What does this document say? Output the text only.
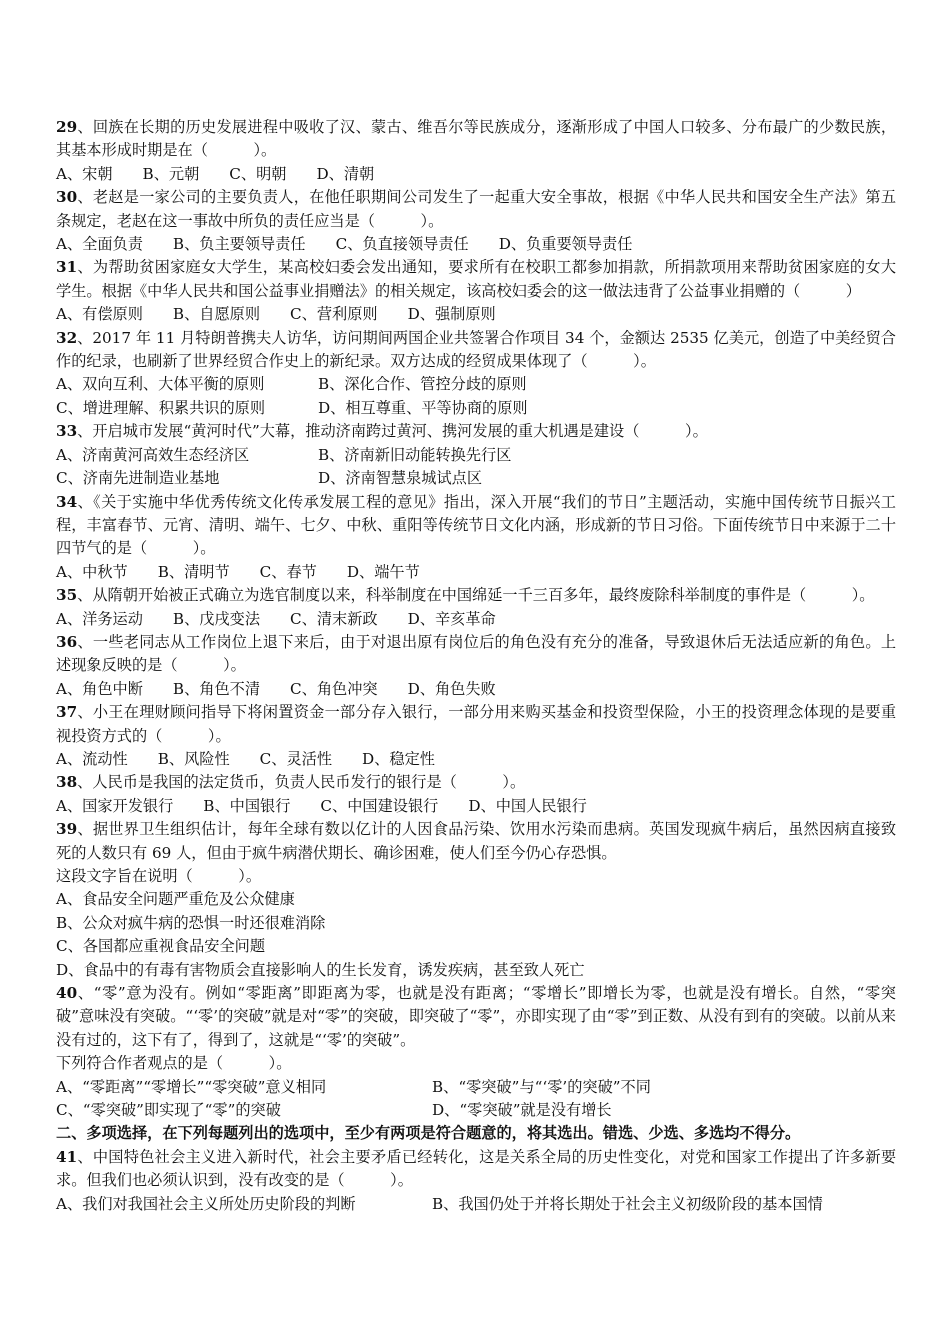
29、回族在长期的历史发展进程中吸收了汉、蒙古、维吾尔等民族成分，逐渐形成了中国人口较多、分布最广的少数民族，其基本形成时期是在（　　　）。

A、宋朝 B、元朝 C、明朝 D、清朝

30、老赵是一家公司的主要负责人，在他任职期间公司发生了一起重大安全事故，根据《中华人民共和国安全生产法》第五条规定，老赵在这一事故中所负的责任应当是（　　　）。

A、全面负责 B、负主要领导责任 C、负直接领导责任 D、负重要领导责任

31、为帮助贫困家庭女大学生，某高校妇委会发出通知，要求所有在校职工都参加捐款，所捐款项用来帮助贫困家庭的女大学生。根据《中华人民共和国公益事业捐赠法》的相关规定，该高校妇委会的这一做法违背了公益事业捐赠的（　　　）

A、有偿原则 B、自愿原则 C、营利原则 D、强制原则

32、2017 年 11 月特朗普携夫人访华，访问期间两国企业共签署合作项目 34 个，金额达 2535 亿美元，创造了中美经贸合作的纪录，也刷新了世界经贸合作史上的新纪录。双方达成的经贸成果体现了（　　　）。

A、双向互利、大体平衡的原则	B、深化合作、管控分歧的原则
C、增进理解、积累共识的原则	D、相互尊重、平等协商的原则

33、开启城市发展“黄河时代”大幕，推动济南跨过黄河、携河发展的重大机遇是建设（　　　）。

A、济南黄河高效生态经济区	B、济南新旧动能转换先行区
C、济南先进制造业基地	D、济南智慧泉城试点区

34、《关于实施中华优秀传统文化传承发展工程的意见》指出，深入开展“我们的节日”主题活动，实施中国传统节日振兴工程，丰富春节、元宵、清明、端午、七夕、中秋、重阳等传统节日文化内涵，形成新的节日习俗。下面传统节日中来源于二十四节气的是（　　　）。

A、中秋节 B、清明节 C、春节 D、端午节

35、从隋朝开始被正式确立为选官制度以来，科举制度在中国绵延一千三百多年，最终废除科举制度的事件是（　　　）。

A、洋务运动 B、戊戌变法 C、清末新政 D、辛亥革命

36、一些老同志从工作岗位上退下来后，由于对退出原有岗位后的角色没有充分的准备，导致退休后无法适应新的角色。上述现象反映的是（　　　）。

A、角色中断 B、角色不清 C、角色冲突 D、角色失败

37、小王在理财顾问指导下将闲置资金一部分存入银行，一部分用来购买基金和投资型保险，小王的投资理念体现的是要重视投资方式的（　　　）。

A、流动性 B、风险性 C、灵活性 D、稳定性

38、人民币是我国的法定货币，负责人民币发行的银行是（　　　）。

A、国家开发银行 B、中国银行 C、中国建设银行 D、中国人民银行

39、据世界卫生组织估计，每年全球有数以亿计的人因食品污染、饮用水污染而患病。英国发现疯牛病后，虽然因病直接致死的人数只有 69 人，但由于疯牛病潜伏期长、确诊困难，使人们至今仍心存恐惧。

这段文字旨在说明（　　　）。

A、食品安全问题严重危及公众健康

B、公众对疯牛病的恐惧一时还很难消除

C、各国都应重视食品安全问题

D、食品中的有毒有害物质会直接影响人的生长发育，诱发疾病，甚至致人死亡

40、“零”意为没有。例如“零距离”即距离为零，也就是没有距离；“零增长”即增长为零，也就是没有增长。自然，“零突破”意味没有突破。“‘零’的突破”就是对“零”的突破，即突破了“零”，亦即实现了由“零”到正数、从没有到有的突破。以前从来没有过的，这下有了，得到了，这就是“‘零’的突破”。

下列符合作者观点的是（　　　）。

A、“零距离”“零增长”“零突破”意义相同	B、“零突破”与“‘零’的突破”不同
C、“零突破”即实现了“零”的突破	D、“零突破”就是没有增长

二、多项选择，在下列每题列出的选项中，至少有两项是符合题意的，将其选出。错选、少选、多选均不得分。

41、中国特色社会主义进入新时代，社会主要矛盾已经转化，这是关系全局的历史性变化，对党和国家工作提出了许多新要求。但我们也必须认识到，没有改变的是（　　　）。

A、我们对我国社会主义所处历史阶段的判断	B、我国仍处于并将长期处于社会主义初级阶段的基本国情
